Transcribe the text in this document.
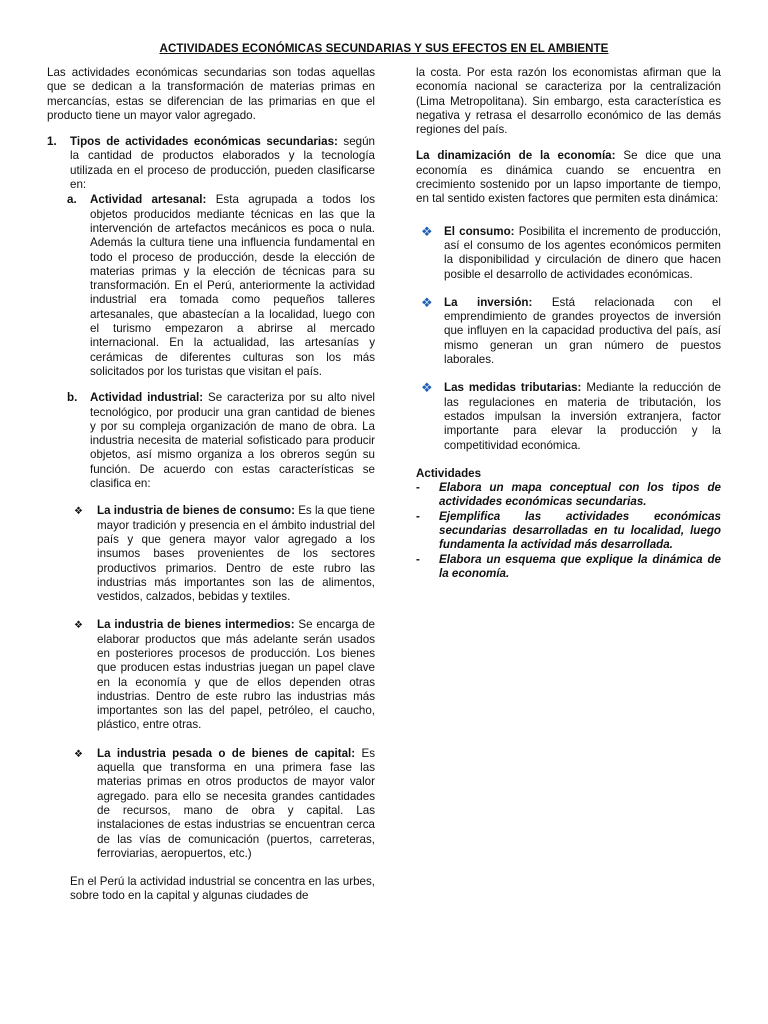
ACTIVIDADES ECONÓMICAS SECUNDARIAS Y SUS EFECTOS EN EL AMBIENTE

Las actividades económicas secundarias son todas aquellas que se dedican a la transformación de materias primas en mercancías, estas se diferencian de las primarias en que el producto tiene un mayor valor agregado.

1.	Tipos de actividades económicas secundarias: según la cantidad de productos elaborados y la tecnología utilizada en el proceso de producción, pueden clasificarse en:

a.	Actividad artesanal: Esta agrupada a todos los objetos producidos mediante técnicas en las que la intervención de artefactos mecánicos es poca o nula. Además la cultura tiene una influencia fundamental en todo el proceso de producción, desde la elección de materias primas y la elección de técnicas para su transformación. En el Perú, anteriormente la actividad industrial era tomada como pequeños talleres artesanales, que abastecían a la localidad, luego con el turismo empezaron a abrirse al mercado internacional. En la actualidad, las artesanías y cerámicas de diferentes culturas son los más solicitados por los turistas que visitan el país.

b.	Actividad industrial: Se caracteriza por su alto nivel tecnológico, por producir una gran cantidad de bienes y por su compleja organización de mano de obra. La industria necesita de material sofisticado para producir objetos, así mismo organiza a los obreros según su función. De acuerdo con estas características se clasifica en:

❖	La industria de bienes de consumo: Es la que tiene mayor tradición y presencia en el ámbito industrial del país y que genera mayor valor agregado a los insumos bases provenientes de los sectores productivos primarios. Dentro de este rubro las industrias más importantes son las de alimentos, vestidos, calzados, bebidas y textiles.

❖	La industria de bienes intermedios: Se encarga de elaborar productos que más adelante serán usados en posteriores procesos de producción. Los bienes que producen estas industrias juegan un papel clave en la economía y que de ellos dependen otras industrias. Dentro de este rubro las industrias más importantes son las del papel, petróleo, el caucho, plástico, entre otras.

❖	La industria pesada o de bienes de capital: Es aquella que transforma en una primera fase las materias primas en otros productos de mayor valor agregado. para ello se necesita grandes cantidades de recursos, mano de obra y capital. Las instalaciones de estas industrias se encuentran cerca de las vías de comunicación (puertos, carreteras, ferroviarias, aeropuertos, etc.)

En el Perú la actividad industrial se concentra en las urbes, sobre todo en la capital y algunas ciudades de

la costa. Por esta razón los economistas afirman que la economía nacional se caracteriza por la centralización (Lima Metropolitana). Sin embargo, esta característica es negativa y retrasa el desarrollo económico de las demás regiones del país.

La dinamización de la economía: Se dice que una economía es dinámica cuando se encuentra en crecimiento sostenido por un lapso importante de tiempo, en tal sentido existen factores que permiten esta dinámica:

❖ El consumo: Posibilita el incremento de producción, así el consumo de los agentes económicos permiten la disponibilidad y circulación de dinero que hacen posible el desarrollo de actividades económicas.

❖ La inversión: Está relacionada con el emprendimiento de grandes proyectos de inversión que influyen en la capacidad productiva del país, así mismo generan un gran número de puestos laborales.

❖ Las medidas tributarias: Mediante la reducción de las regulaciones en materia de tributación, los estados impulsan la inversión extranjera, factor importante para elevar la producción y la competitividad económica.

Actividades
-	Elabora un mapa conceptual con los tipos de actividades económicas secundarias.
-	Ejemplifica las actividades económicas secundarias desarrolladas en tu localidad, luego fundamenta la actividad más desarrollada.
-	Elabora un esquema que explique la dinámica de la economía.
